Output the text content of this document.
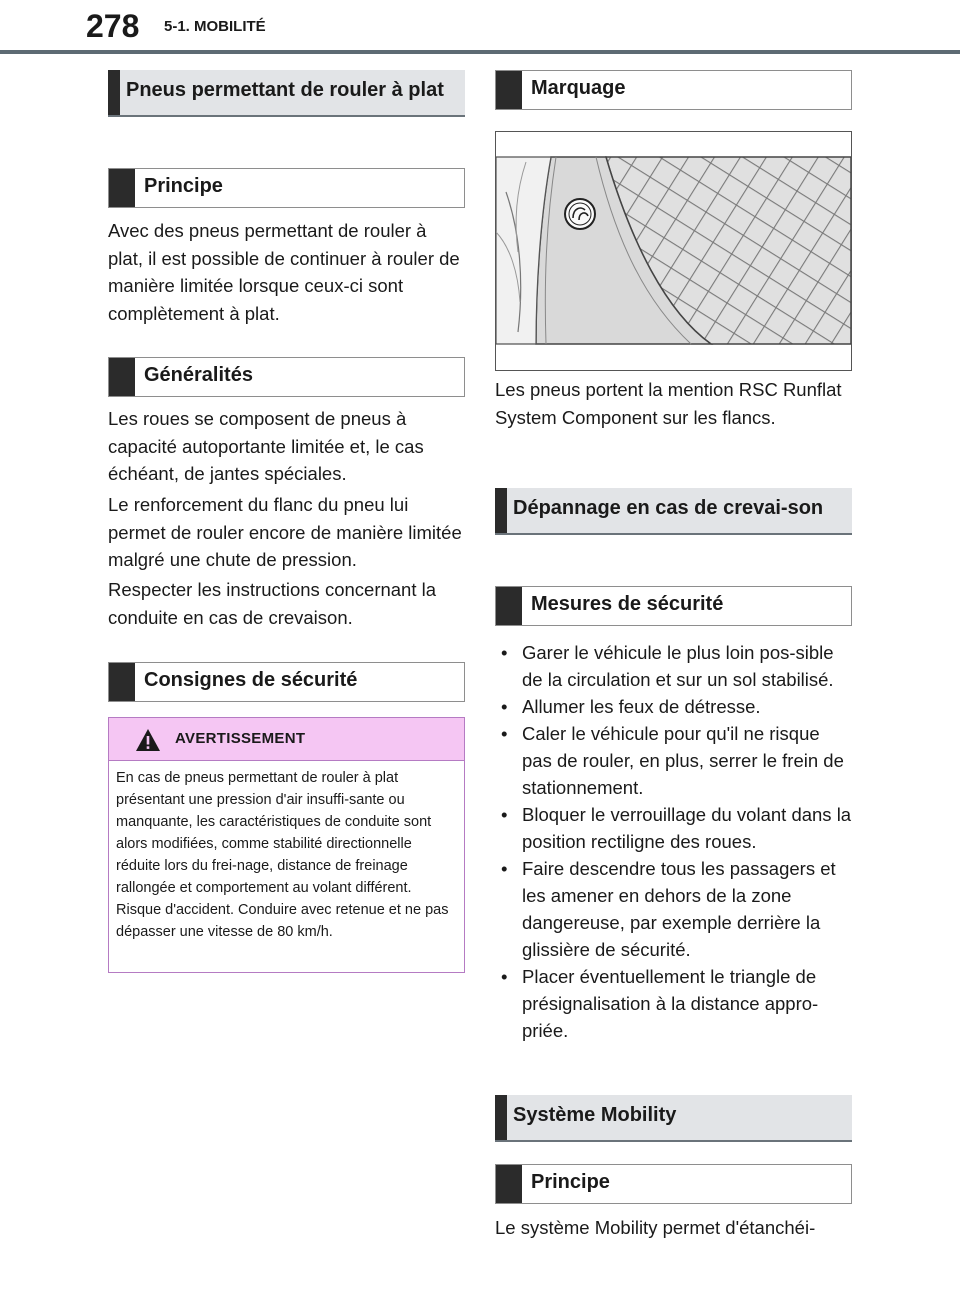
278 5-1. MOBILITÉ
Pneus permettant de rouler à plat
Principe

Avec des pneus permettant de rouler à plat, il est possible de continuer à rouler de manière limitée lorsque ceux-ci sont complètement à plat.

Généralités

Les roues se composent de pneus à capacité autoportante limitée et, le cas échéant, de jantes spéciales.

Le renforcement du flanc du pneu lui permet de rouler encore de manière limitée malgré une chute de pression.

Respecter les instructions concernant la conduite en cas de crevaison.

Consignes de sécurité
AVERTISSEMENT

En cas de pneus permettant de rouler à plat présentant une pression d'air insuffi-sante ou manquante, les caractéristiques de conduite sont alors modifiées, comme stabilité directionnelle réduite lors du frei-nage, distance de freinage rallongée et comportement au volant différent. Risque d'accident. Conduire avec retenue et ne pas dépasser une vitesse de 80 km/h.

Marquage

Les pneus portent la mention RSC Runflat System Component sur les flancs.

Dépannage en cas de crevai-son
Mesures de sécurité
• Garer le véhicule le plus loin pos-sible de la circulation et sur un sol stabilisé.
• Allumer les feux de détresse.
• Caler le véhicule pour qu'il ne risque pas de rouler, en plus, serrer le frein de stationnement.
• Bloquer le verrouillage du volant dans la position rectiligne des roues.
• Faire descendre tous les passagers et les amener en dehors de la zone dangereuse, par exemple derrière la glissière de sécurité.
• Placer éventuellement le triangle de présignalisation à la distance appro-priée.
Système Mobility
Principe

Le système Mobility permet d'étanchéi-
